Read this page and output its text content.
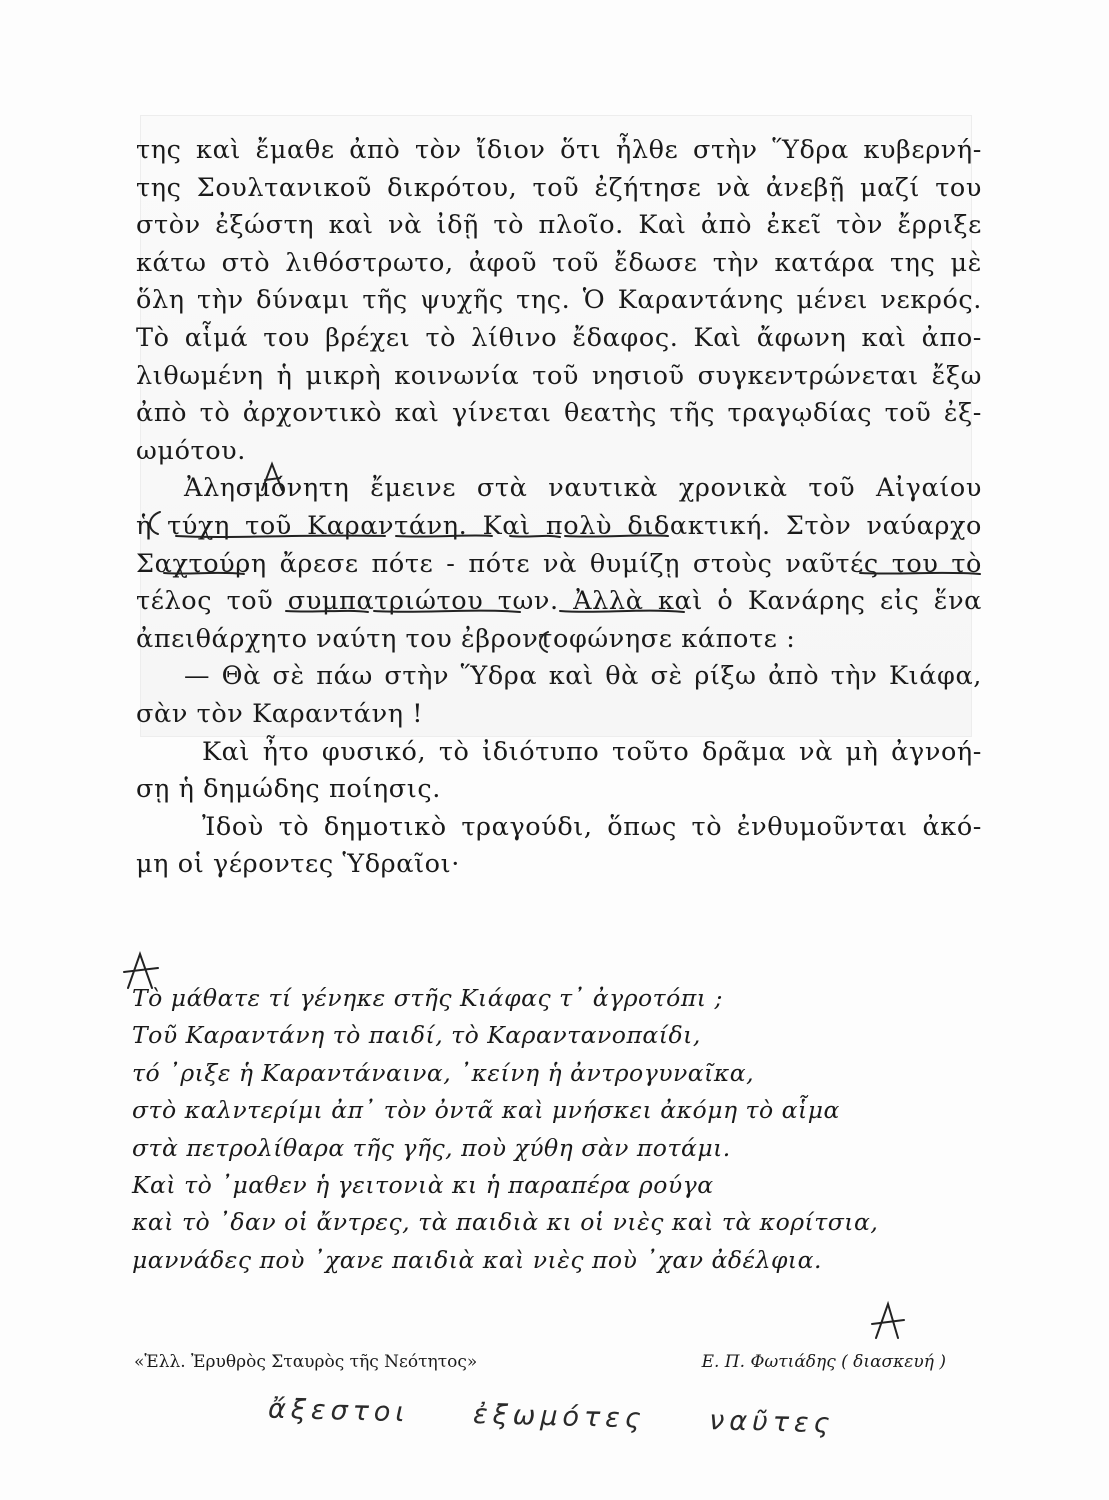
της καὶ ἔμαθε ἀπὸ τὸν ἴδιον ὅτι ἦλθε στὴν Ὕδρα κυβερνή-
της Σουλτανικοῦ δικρότου, τοῦ ἐζήτησε νὰ ἀνεβῇ μαζί του
στὸν ἐξώστη καὶ νὰ ἰδῇ τὸ πλοῖο. Καὶ ἀπὸ ἐκεῖ τὸν ἔρριξε
κάτω στὸ λιθόστρωτο, ἀφοῦ τοῦ ἔδωσε τὴν κατάρα της μὲ
ὅλη τὴν δύναμι τῆς ψυχῆς της. Ὁ Καραντάνης μένει νεκρός.
Τὸ αἷμά του βρέχει τὸ λίθινο ἔδαφος. Καὶ ἄφωνη καὶ ἀπο-
λιθωμένη ἡ μικρὴ κοινωνία τοῦ νησιοῦ συγκεντρώνεται ἔξω
ἀπὸ τὸ ἀρχοντικὸ καὶ γίνεται θεατὴς τῆς τραγῳδίας τοῦ ἐξ-
ωμότου.
Ἀλησμόνητη ἔμεινε στὰ ναυτικὰ χρονικὰ τοῦ Αἰγαίου
ἡ τύχη τοῦ Καραντάνη. Καὶ πολὺ διδακτική. Στὸν ναύαρχο
Σαχτούρη ἄρεσε πότε - πότε νὰ θυμίζῃ στοὺς ναῦτές του τὸ
τέλος τοῦ συμπατριώτου των. Ἀλλὰ καὶ ὁ Κανάρης εἰς ἕνα
ἀπειθάρχητο ναύτη του ἐβροντοφώνησε κάποτε :
— Θὰ σὲ πάω στὴν Ὕδρα καὶ θὰ σὲ ρίξω ἀπὸ τὴν Κιάφα,
σὰν τὸν Καραντάνη !
Καὶ ἦτο φυσικό, τὸ ἰδιότυπο τοῦτο δρᾶμα νὰ μὴ ἀγνοή-
σῃ ἡ δημώδης ποίησις.
Ἰδοὺ τὸ δημοτικὸ τραγούδι, ὅπως τὸ ἐνθυμοῦνται ἀκό-
μη οἱ γέροντες Ὑδραῖοι·
Τὸ μάθατε τί γένηκε στῆς Κιάφας τ᾽ ἀγροτόπι ;
Τοῦ Καραντάνη τὸ παιδί, τὸ Καραντανοπαίδι,
τό ᾽ριξε ἡ Καραντάναινα, ᾽κείνη ἡ ἀντρογυναῖκα,
στὸ καλντερίμι ἀπ᾽ τὸν ὀντᾶ καὶ μνήσκει ἀκόμη τὸ αἷμα
στὰ πετρολίθαρα τῆς γῆς, ποὺ χύθη σὰν ποτάμι.
Καὶ τὸ ᾽μαθεν ἡ γειτονιὰ κι ἡ παραπέρα ρούγα
καὶ τὸ ᾽δαν οἱ ἄντρες, τὰ παιδιὰ κι οἱ νιὲς καὶ τὰ κορίτσια,
μαννάδες ποὺ ᾽χανε παιδιὰ καὶ νιὲς ποὺ ᾽χαν ἀδέλφια.
«Ἑλλ. Ἐρυθρὸς Σταυρὸς τῆς Νεότητος»	Ε. Π. Φωτιάδης ( διασκευή )
ἄξεστοι ἐξωμότες ναῦτες
